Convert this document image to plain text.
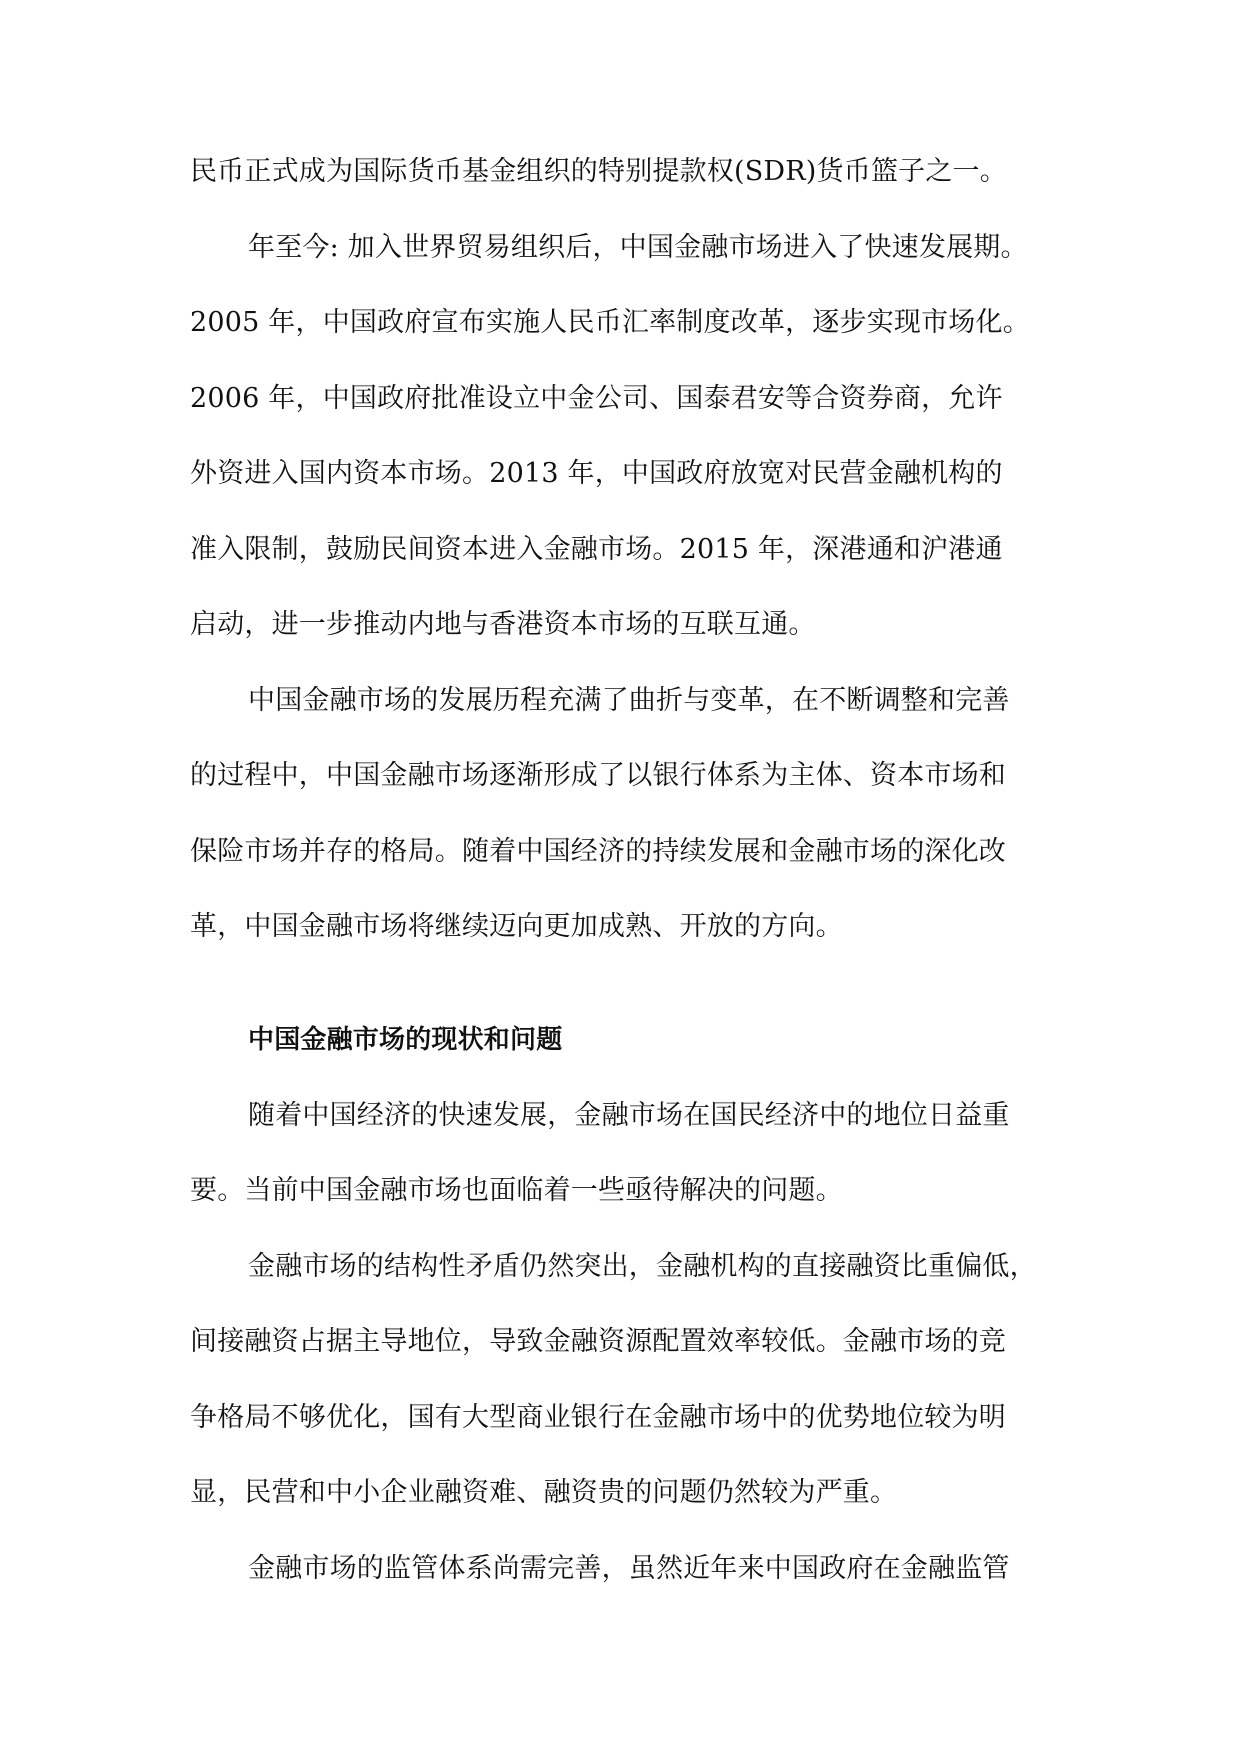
民币正式成为国际货币基金组织的特别提款权(SDR)货币篮子之一。
年至今: 加入世界贸易组织后，中国金融市场进入了快速发展期。
2005 年，中国政府宣布实施人民币汇率制度改革，逐步实现市场化。
2006 年，中国政府批准设立中金公司、国泰君安等合资券商，允许
外资进入国内资本市场。2013 年，中国政府放宽对民营金融机构的
准入限制，鼓励民间资本进入金融市场。2015 年，深港通和沪港通
启动，进一步推动内地与香港资本市场的互联互通。
中国金融市场的发展历程充满了曲折与变革，在不断调整和完善
的过程中，中国金融市场逐渐形成了以银行体系为主体、资本市场和
保险市场并存的格局。随着中国经济的持续发展和金融市场的深化改
革，中国金融市场将继续迈向更加成熟、开放的方向。
中国金融市场的现状和问题
随着中国经济的快速发展，金融市场在国民经济中的地位日益重
要。当前中国金融市场也面临着一些亟待解决的问题。
金融市场的结构性矛盾仍然突出，金融机构的直接融资比重偏低，
间接融资占据主导地位，导致金融资源配置效率较低。金融市场的竞
争格局不够优化，国有大型商业银行在金融市场中的优势地位较为明
显，民营和中小企业融资难、融资贵的问题仍然较为严重。
金融市场的监管体系尚需完善，虽然近年来中国政府在金融监管
